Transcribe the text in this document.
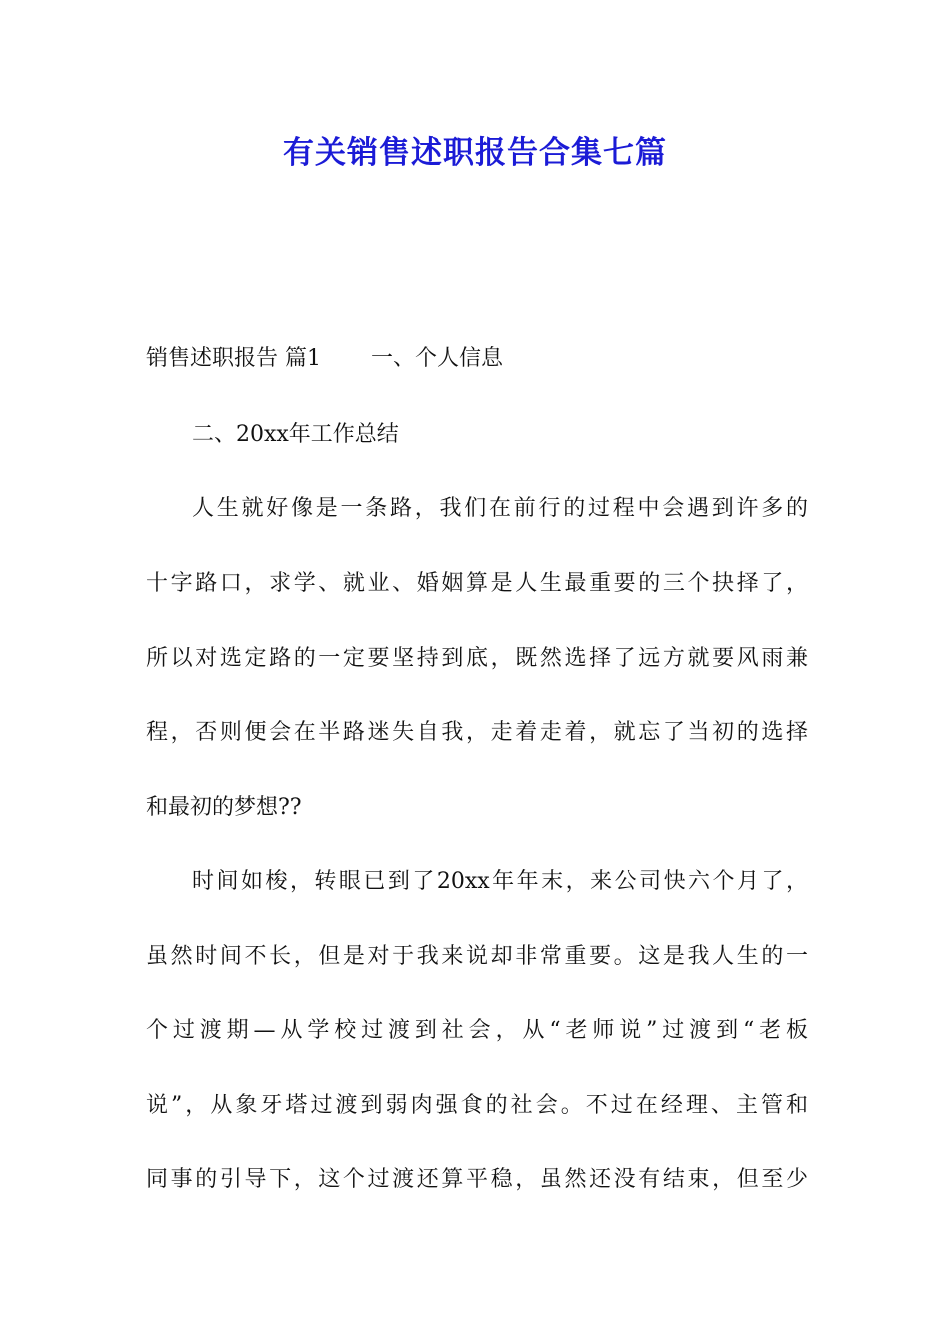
有关销售述职报告合集七篇
销售述职报告 篇1 一、个人信息
二、20xx年工作总结
人生就好像是一条路，我们在前行的过程中会遇到许多的
十字路口，求学、就业、婚姻算是人生最重要的三个抉择了，
所以对选定路的一定要坚持到底，既然选择了远方就要风雨兼
程，否则便会在半路迷失自我，走着走着，就忘了当初的选择
和最初的梦想??
时间如梭，转眼已到了20xx年年末，来公司快六个月了，
虽然时间不长，但是对于我来说却非常重要。这是我人生的一
个过渡期—从学校过渡到社会，从“老师说”过渡到“老板
说”，从象牙塔过渡到弱肉强食的社会。不过在经理、主管和
同事的引导下，这个过渡还算平稳，虽然还没有结束，但至少
